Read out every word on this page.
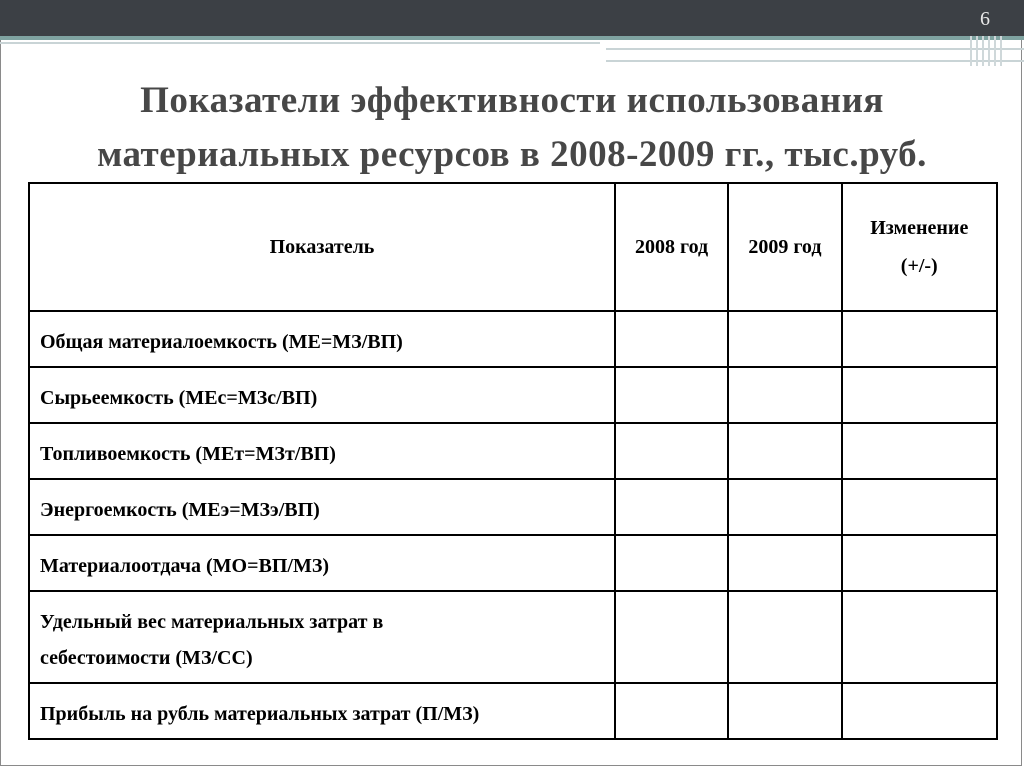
6
Показатели эффективности использования
материальных ресурсов в 2008-2009 гг., тыс.руб.
Показатель	2008 год	2009 год	Изменение
(+/-)

Общая материалоемкость (МЕ=МЗ/ВП)			
Сырьеемкость (МЕс=МЗс/ВП)			
Топливоемкость (МЕт=МЗт/ВП)			
Энергоемкость (МЕэ=МЗэ/ВП)			
Материалоотдача (МО=ВП/МЗ)			

Удельный вес материальных затрат в
себестоимости (МЗ/СС)			

Прибыль на рубль материальных затрат (П/МЗ)			
